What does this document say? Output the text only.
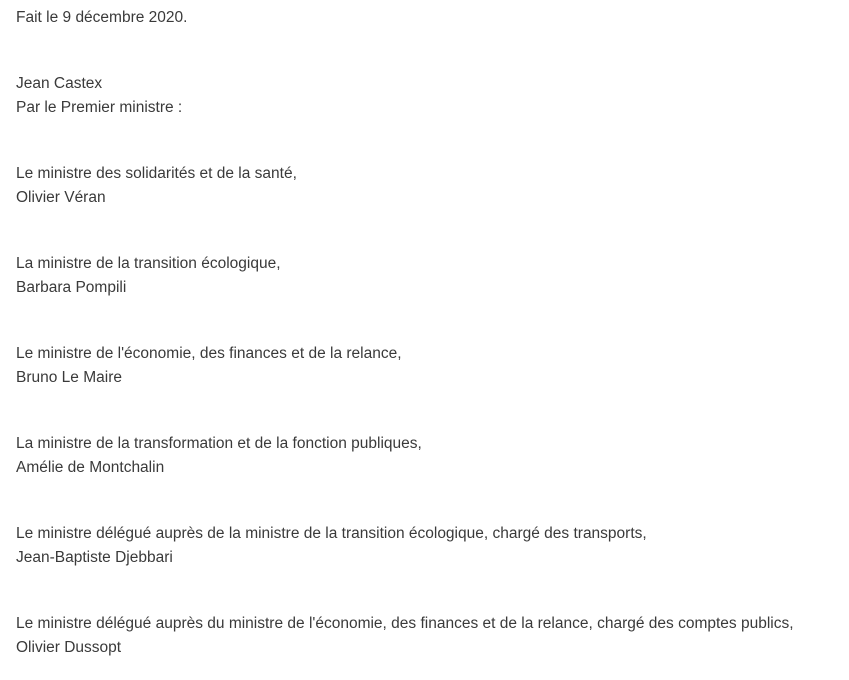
Fait le 9 décembre 2020.
Jean Castex
Par le Premier ministre :
Le ministre des solidarités et de la santé,
Olivier Véran
La ministre de la transition écologique,
Barbara Pompili
Le ministre de l'économie, des finances et de la relance,
Bruno Le Maire
La ministre de la transformation et de la fonction publiques,
Amélie de Montchalin
Le ministre délégué auprès de la ministre de la transition écologique, chargé des transports,
Jean-Baptiste Djebbari
Le ministre délégué auprès du ministre de l'économie, des finances et de la relance, chargé des comptes publics,
Olivier Dussopt
